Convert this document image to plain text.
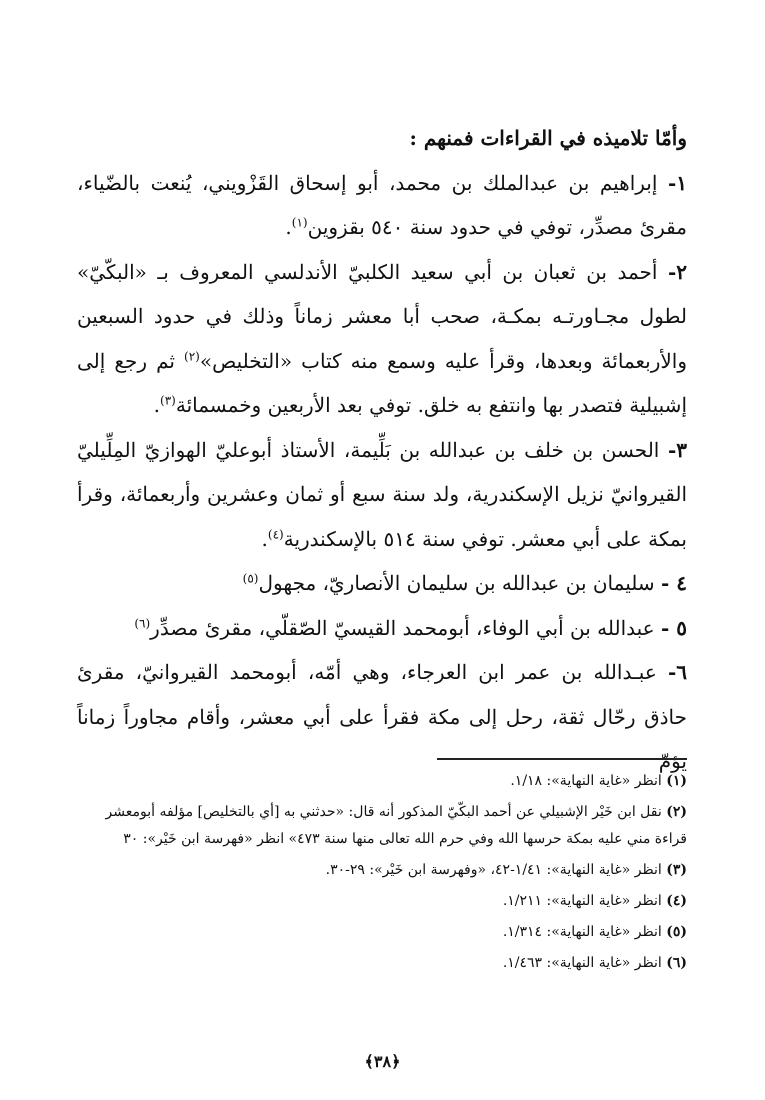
وأمّا تلاميذه في القراءات فمنهم :

١- إبراهيم بن عبدالملك بن محمد، أبو إسحاق القَزْويني، يُنعت بالضّياء، مقرئ مصدِّر، توفي في حدود سنة ٥٤٠ بقزوين$^{(١)}$.

٢- أحمد بن ثعبان بن أبي سعيد الكلبيّ الأندلسي المعروف بـ «البكّيّ» لطول مجـاورتـه بمكـة، صحب أبا معشر زماناً وذلك في حدود السبعين والأربعمائة وبعدها، وقرأ عليه وسمع منه كتاب «التخليص»$^{(٢)}$ ثم رجع إلى إشبيلية فتصدر بها وانتفع به خلق. توفي بعد الأربعين وخمسمائة$^{(٣)}$.

٣- الحسن بن خلف بن عبدالله بن بَلِّيمة، الأستاذ أبوعليّ الهوازيّ المِلِّيليّ القيروانيّ نزيل الإسكندرية، ولد سنة سبع أو ثمان وعشرين وأربعمائة، وقرأ بمكة على أبي معشر. توفي سنة ٥١٤ بالإسكندرية$^{(٤)}$.

٤ - سليمان بن عبدالله بن سليمان الأنصاريّ، مجهول$^{(٥)}$

٥ - عبدالله بن أبي الوفاء، أبومحمد القيسيّ الصّقلّي، مقرئ مصدِّر$^{(٦)}$

٦- عبـدالله بن عمر ابن العرجاء، وهي أمّه، أبومحمد القيروانيّ، مقرئ حاذق رحّال ثقة، رحل إلى مكة فقرأ على أبي معشر، وأقام مجاوراً زماناً يؤمّ

(١) انظر «غاية النهاية»: ١/١٨.

(٢) نقل ابن خَيْر الإشبيلي عن أحمد البكّيّ المذكور أنه قال: «حدثني به [أي بالتخليص] مؤلفه أبومعشر قراءة مني عليه بمكة حرسها الله وفي حرم الله تعالى منها سنة ٤٧٣» انظر «فهرسة ابن خَيْر»: ٣٠

(٣) انظر «غاية النهاية»: ١/٤١-٤٢، «وفهرسة ابن خَيْر»: ٢٩-٣٠.

(٤) انظر «غاية النهاية»: ١/٢١١.

(٥) انظر «غاية النهاية»: ١/٣١٤.

(٦) انظر «غاية النهاية»: ١/٤٦٣.

﴿٣٨﴾
